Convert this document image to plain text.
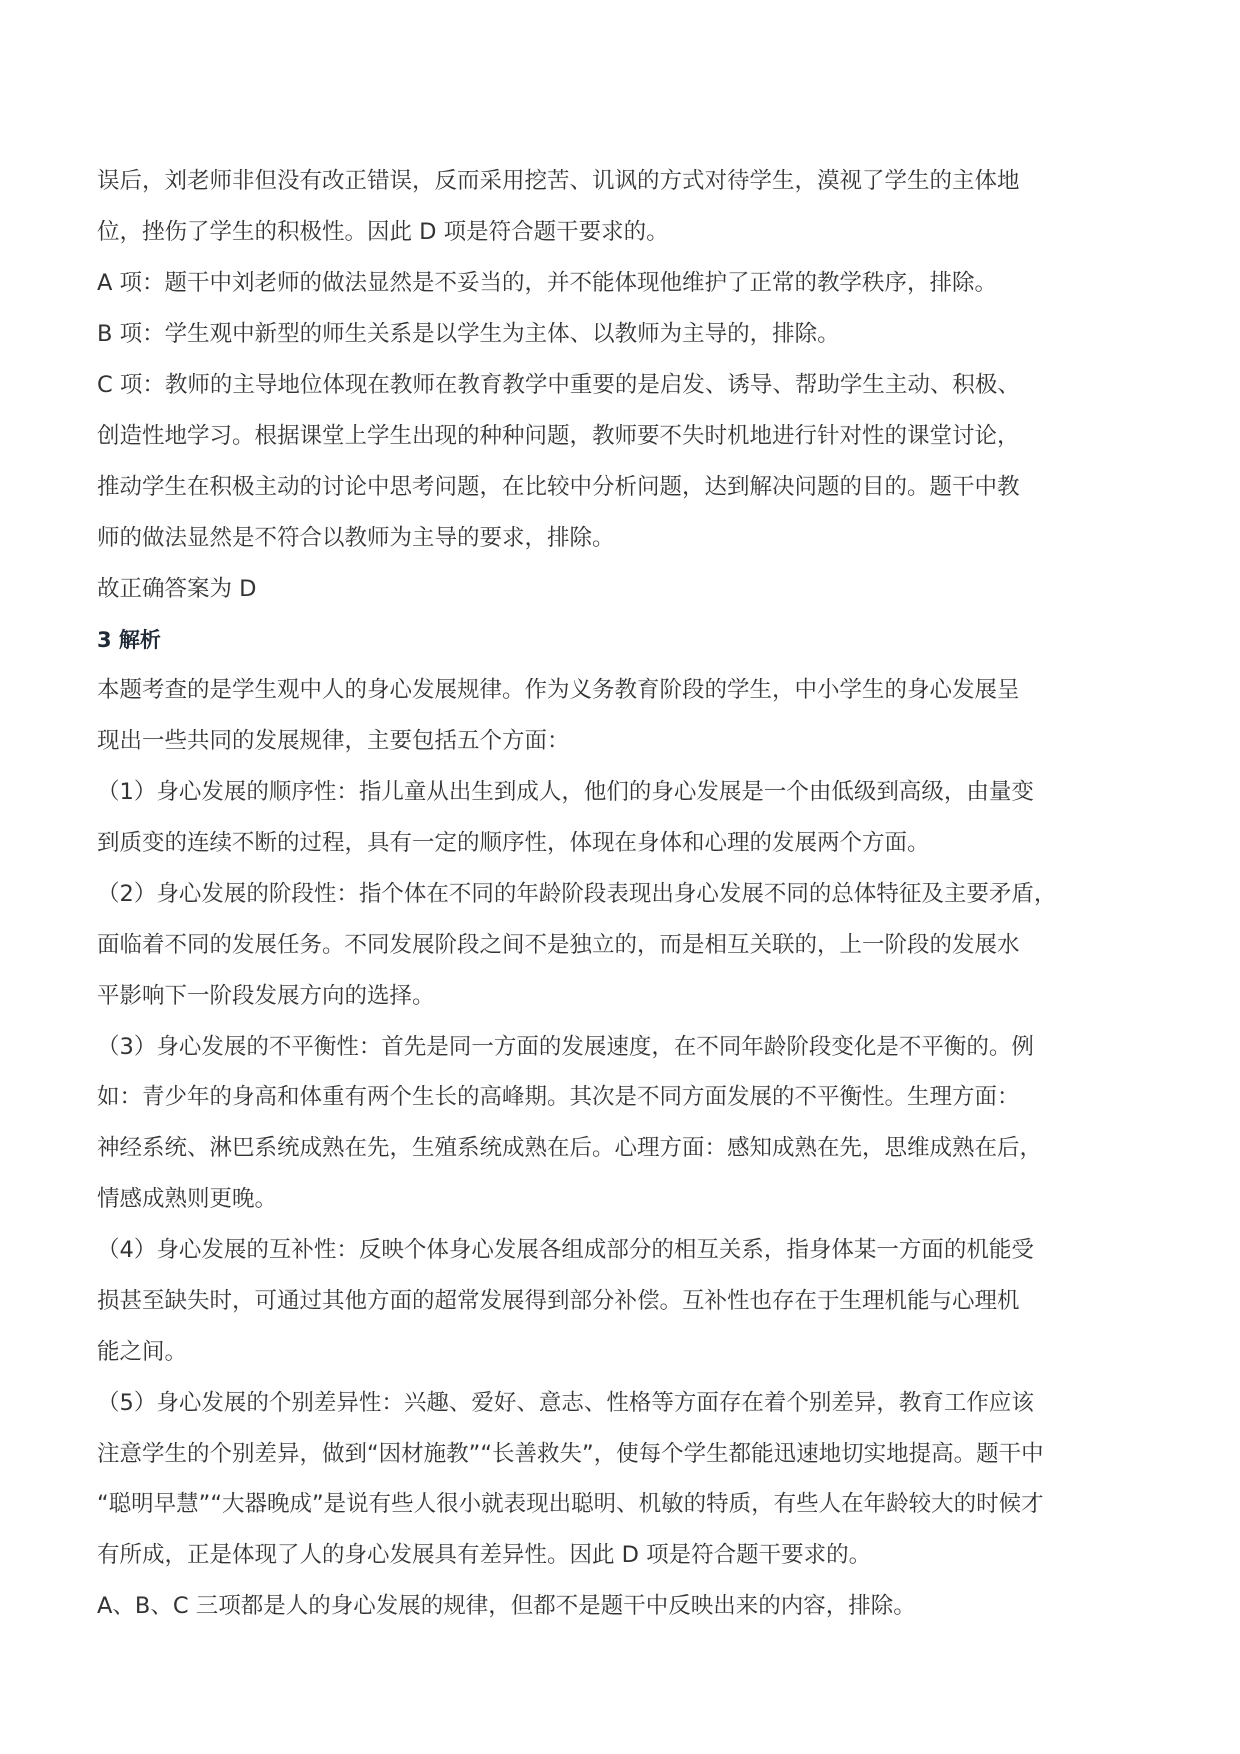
误后，刘老师非但没有改正错误，反而采用挖苦、讥讽的方式对待学生，漠视了学生的主体地
位，挫伤了学生的积极性。因此 D 项是符合题干要求的。
A 项：题干中刘老师的做法显然是不妥当的，并不能体现他维护了正常的教学秩序，排除。
B 项：学生观中新型的师生关系是以学生为主体、以教师为主导的，排除。
C 项：教师的主导地位体现在教师在教育教学中重要的是启发、诱导、帮助学生主动、积极、
创造性地学习。根据课堂上学生出现的种种问题，教师要不失时机地进行针对性的课堂讨论，
推动学生在积极主动的讨论中思考问题，在比较中分析问题，达到解决问题的目的。题干中教
师的做法显然是不符合以教师为主导的要求，排除。
故正确答案为 D
3 解析
本题考查的是学生观中人的身心发展规律。作为义务教育阶段的学生，中小学生的身心发展呈
现出一些共同的发展规律，主要包括五个方面：
（1）身心发展的顺序性：指儿童从出生到成人，他们的身心发展是一个由低级到高级，由量变
到质变的连续不断的过程，具有一定的顺序性，体现在身体和心理的发展两个方面。
（2）身心发展的阶段性：指个体在不同的年龄阶段表现出身心发展不同的总体特征及主要矛盾，
面临着不同的发展任务。不同发展阶段之间不是独立的，而是相互关联的，上一阶段的发展水
平影响下一阶段发展方向的选择。
（3）身心发展的不平衡性：首先是同一方面的发展速度，在不同年龄阶段变化是不平衡的。例
如：青少年的身高和体重有两个生长的高峰期。其次是不同方面发展的不平衡性。生理方面：
神经系统、淋巴系统成熟在先，生殖系统成熟在后。心理方面：感知成熟在先，思维成熟在后，
情感成熟则更晚。
（4）身心发展的互补性：反映个体身心发展各组成部分的相互关系，指身体某一方面的机能受
损甚至缺失时，可通过其他方面的超常发展得到部分补偿。互补性也存在于生理机能与心理机
能之间。
（5）身心发展的个别差异性：兴趣、爱好、意志、性格等方面存在着个别差异，教育工作应该
注意学生的个别差异，做到“因材施教”“长善救失”，使每个学生都能迅速地切实地提高。题干中
“聪明早慧”“大器晚成”是说有些人很小就表现出聪明、机敏的特质，有些人在年龄较大的时候才
有所成，正是体现了人的身心发展具有差异性。因此 D 项是符合题干要求的。
A、B、C 三项都是人的身心发展的规律，但都不是题干中反映出来的内容，排除。
